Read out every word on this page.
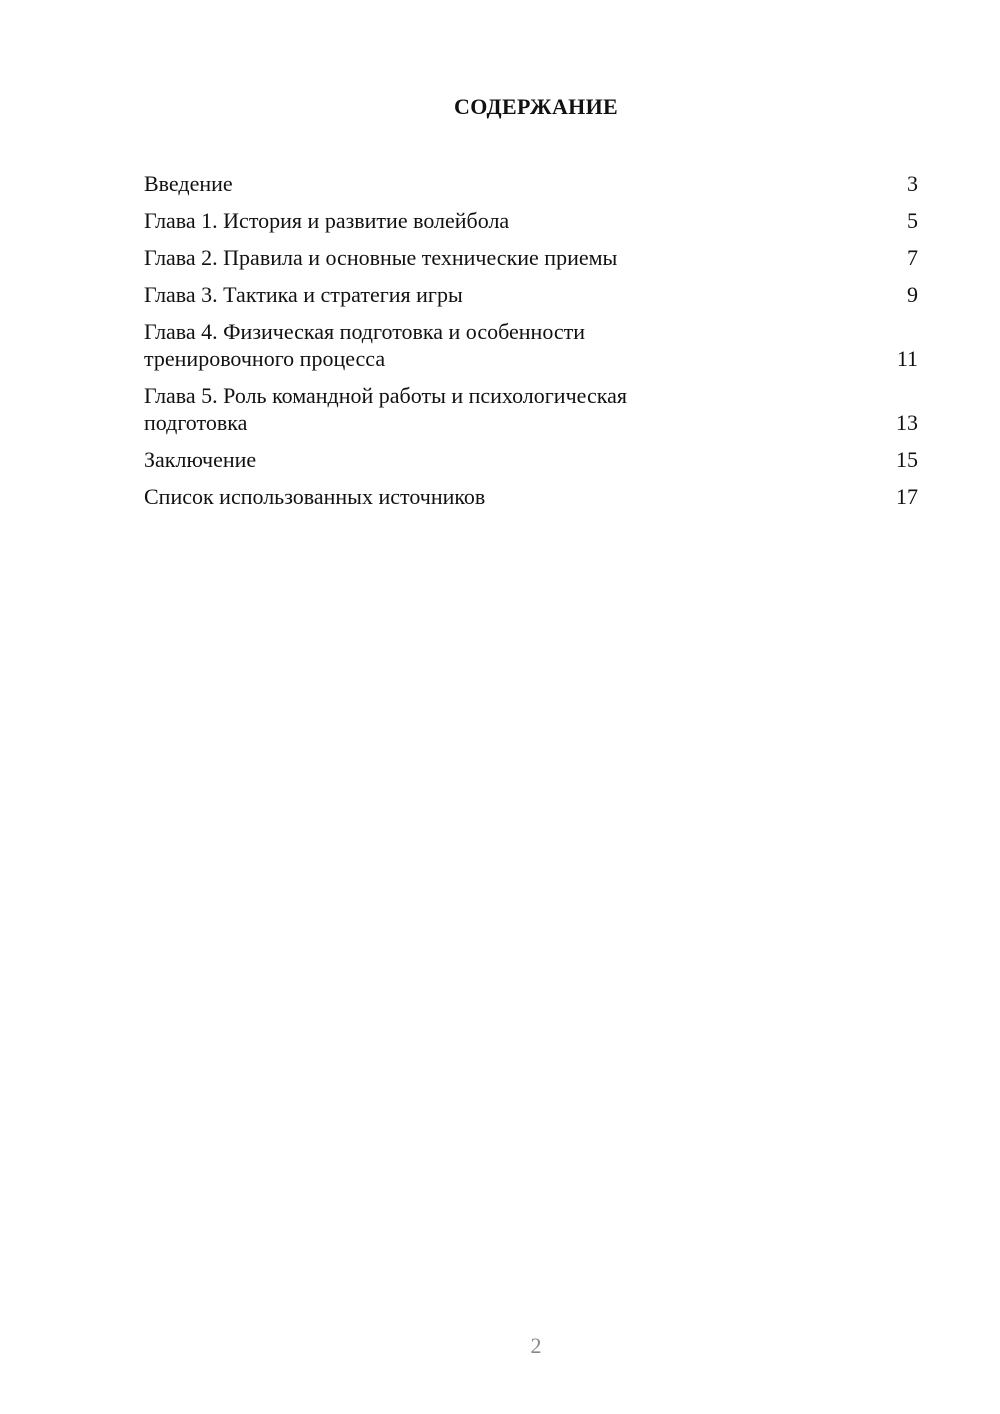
СОДЕРЖАНИЕ
Введение	3
Глава 1. История и развитие волейбола	5
Глава 2. Правила и основные технические приемы	7
Глава 3. Тактика и стратегия игры	9
Глава 4. Физическая подготовка и особенности тренировочного процесса	11
Глава 5. Роль командной работы и психологическая подготовка	13
Заключение	15
Список использованных источников	17
2
